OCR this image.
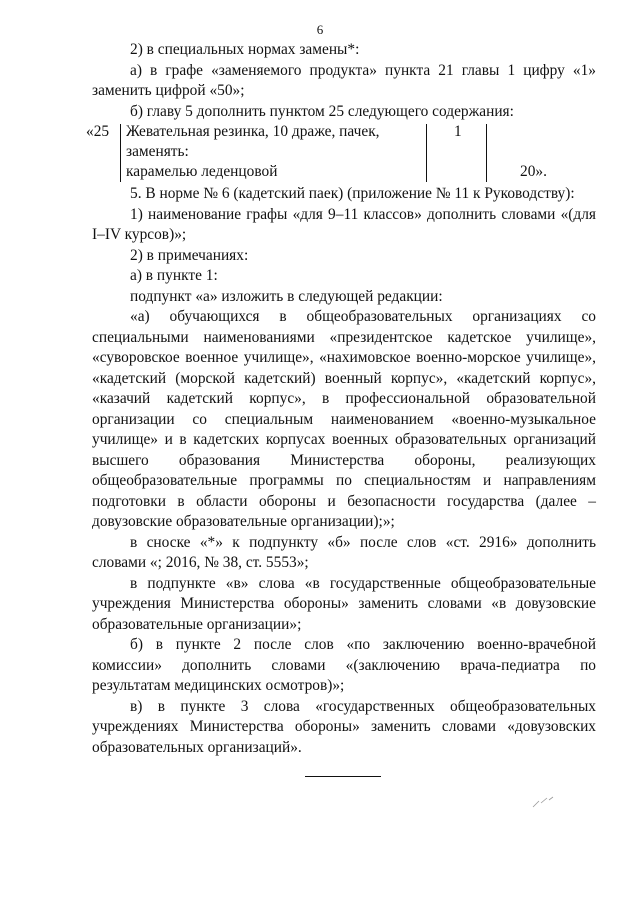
6

2) в специальных нормах замены*:

а) в графе «заменяемого продукта» пункта 21 главы 1 цифру «1» заменить цифрой «50»;

б) главу 5 дополнить пунктом 25 следующего содержания:

«25 Жевательная резинка, 10 драже, пачек,
заменять:
карамелью леденцовой
1
20».

5. В норме № 6 (кадетский паек) (приложение № 11 к Руководству):

1) наименование графы «для 9–11 классов» дополнить словами «(для I–IV курсов)»;

2) в примечаниях:

а) в пункте 1:

подпункт «а» изложить в следующей редакции:

«а) обучающихся в общеобразовательных организациях со специальными наименованиями «президентское кадетское училище», «суворовское военное училище», «нахимовское военно-морское училище», «кадетский (морской кадетский) военный корпус», «кадетский корпус», «казачий кадетский корпус», в профессиональной образовательной организации со специальным наименованием «военно-музыкальное училище» и в кадетских корпусах военных образовательных организаций высшего образования Министерства обороны, реализующих общеобразовательные программы по специальностям и направлениям подготовки в области обороны и безопасности государства (далее – довузовские образовательные организации);»;

в сноске «*» к подпункту «б» после слов «ст. 2916» дополнить словами «; 2016, № 38, ст. 5553»;

в подпункте «в» слова «в государственные общеобразовательные учреждения Министерства обороны» заменить словами «в довузовские образовательные организации»;

б) в пункте 2 после слов «по заключению военно-врачебной комиссии» дополнить словами «(заключению врача-педиатра по результатам медицинских осмотров)»;

в) в пункте 3 слова «государственных общеобразовательных учреждениях Министерства обороны» заменить словами «довузовских образовательных организаций».
